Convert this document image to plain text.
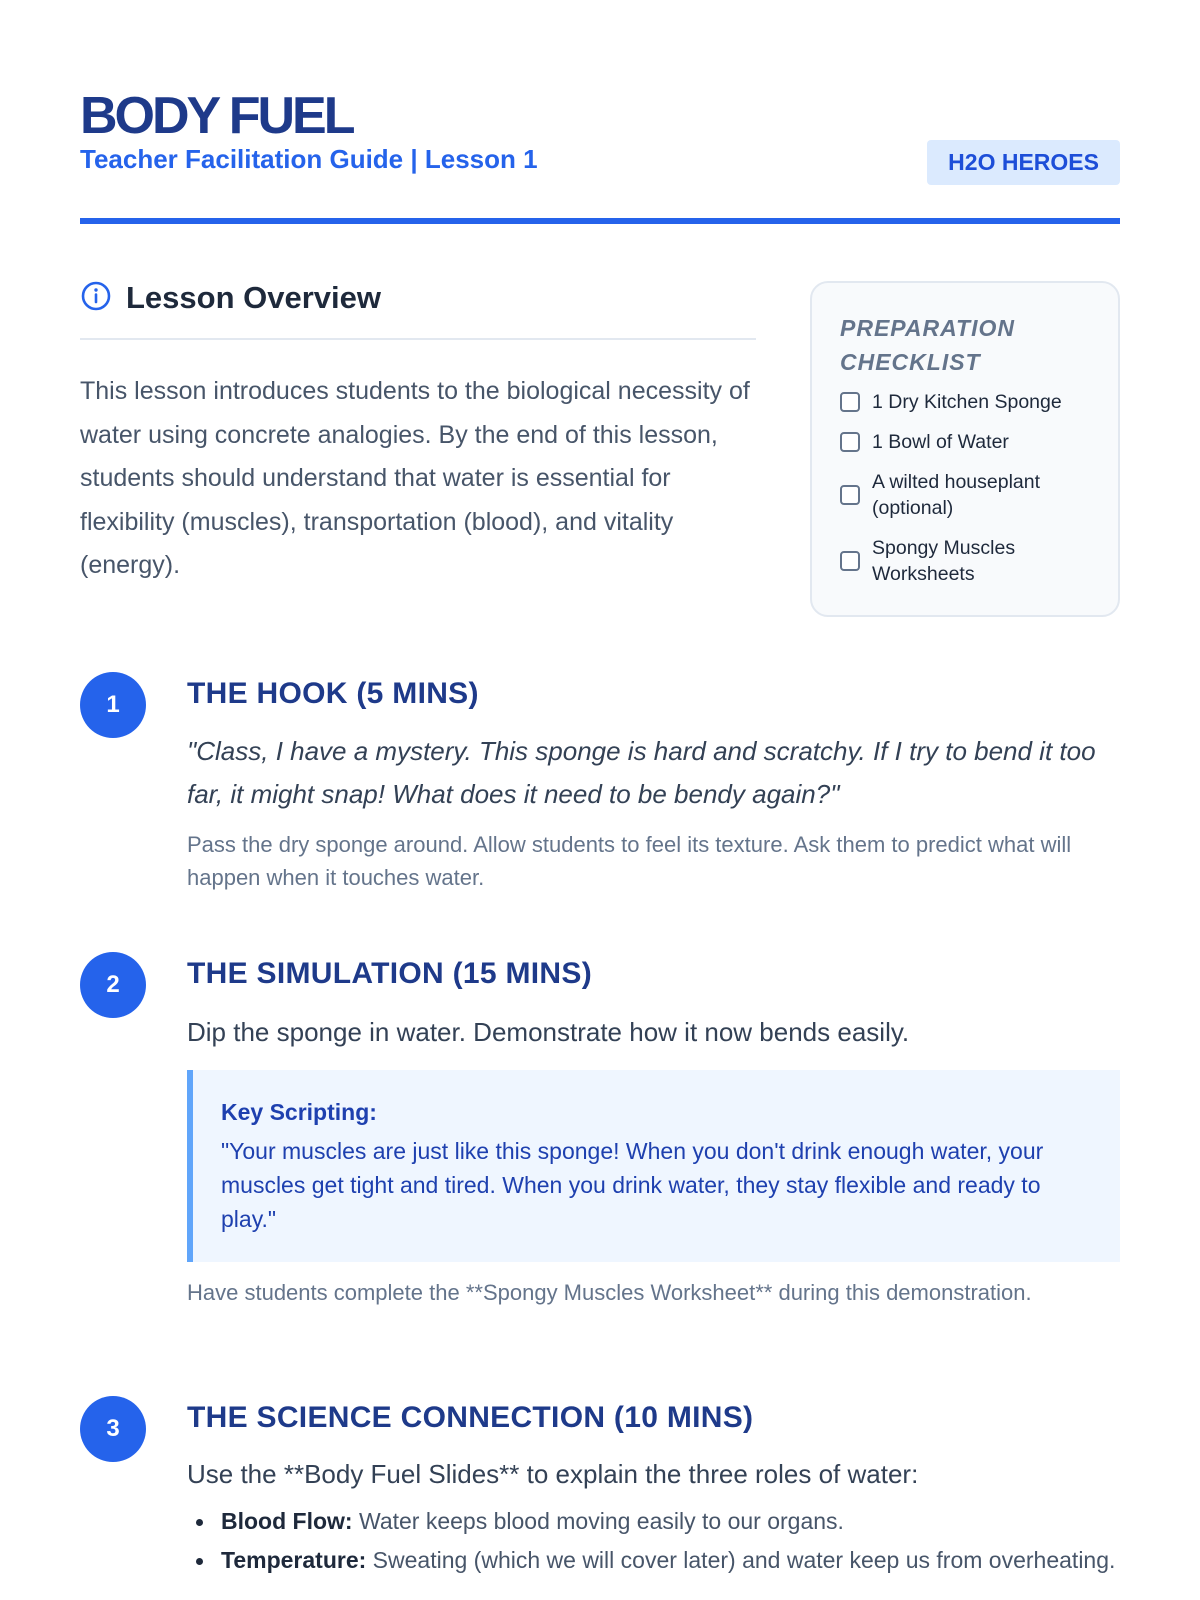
BODY FUEL
Teacher Facilitation Guide | Lesson 1	H2O HEROES
Lesson Overview
This lesson introduces students to the biological necessity of water using concrete analogies. By the end of this lesson, students should understand that water is essential for flexibility (muscles), transportation (blood), and vitality (energy).
PREPARATION CHECKLIST
1 Dry Kitchen Sponge
1 Bowl of Water
A wilted houseplant (optional)
Spongy Muscles Worksheets
1	THE HOOK (5 MINS)
"Class, I have a mystery. This sponge is hard and scratchy. If I try to bend it too far, it might snap! What does it need to be bendy again?"
Pass the dry sponge around. Allow students to feel its texture. Ask them to predict what will happen when it touches water.
2	THE SIMULATION (15 MINS)
Dip the sponge in water. Demonstrate how it now bends easily.
Key Scripting:
"Your muscles are just like this sponge! When you don't drink enough water, your muscles get tight and tired. When you drink water, they stay flexible and ready to play."
Have students complete the **Spongy Muscles Worksheet** during this demonstration.
3	THE SCIENCE CONNECTION (10 MINS)
Use the **Body Fuel Slides** to explain the three roles of water:
Blood Flow: Water keeps blood moving easily to our organs.
Temperature: Sweating (which we will cover later) and water keep us from overheating.
